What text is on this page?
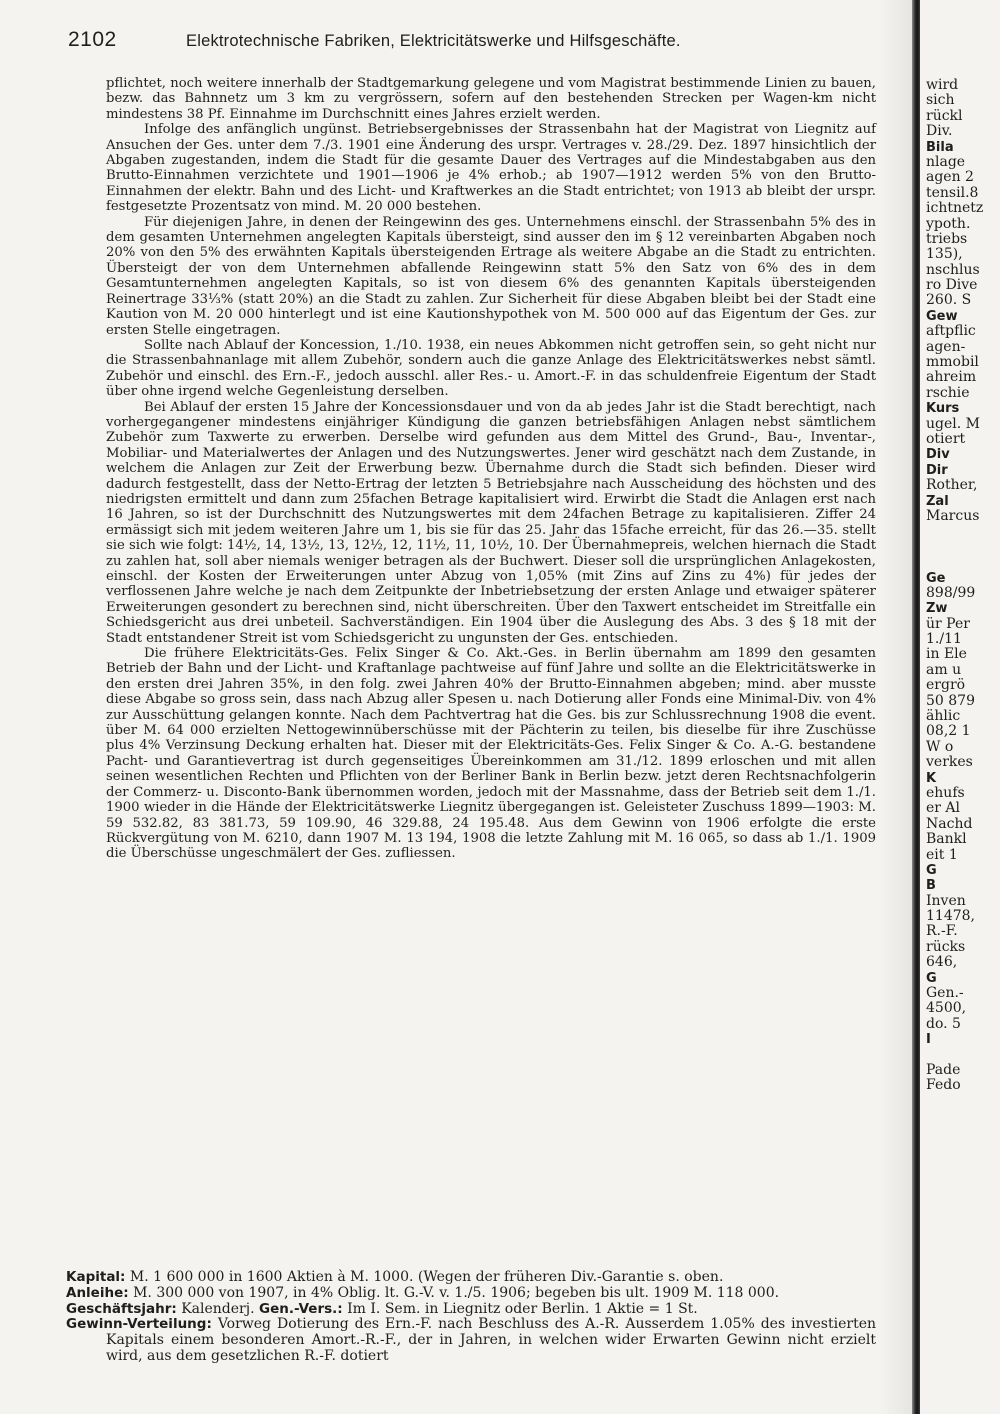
2102	Elektrotechnische Fabriken, Elektricitätswerke und Hilfsgeschäfte.

pflichtet, noch weitere innerhalb der Stadtgemarkung gelegene und vom Magistrat bestimmende Linien zu bauen, bezw. das Bahnnetz um 3 km zu vergrössern, sofern auf den bestehenden Strecken per Wagen-km nicht mindestens 38 Pf. Einnahme im Durchschnitt eines Jahres erzielt werden.

Infolge des anfänglich ungünst. Betriebsergebnisses der Strassenbahn hat der Magistrat von Liegnitz auf Ansuchen der Ges. unter dem 7./3. 1901 eine Änderung des urspr. Vertrages v. 28./29. Dez. 1897 hinsichtlich der Abgaben zugestanden, indem die Stadt für die gesamte Dauer des Vertrages auf die Mindestabgaben aus den Brutto-Einnahmen verzichtete und 1901—1906 je 4% erhob.; ab 1907—1912 werden 5% von den Brutto-Einnahmen der elektr. Bahn und des Licht- und Kraftwerkes an die Stadt entrichtet; von 1913 ab bleibt der urspr. festgesetzte Prozentsatz von mind. M. 20 000 bestehen.

Für diejenigen Jahre, in denen der Reingewinn des ges. Unternehmens einschl. der Strassenbahn 5% des in dem gesamten Unternehmen angelegten Kapitals übersteigt, sind ausser den im § 12 vereinbarten Abgaben noch 20% von den 5% des erwähnten Kapitals übersteigenden Ertrage als weitere Abgabe an die Stadt zu entrichten. Übersteigt der von dem Unternehmen abfallende Reingewinn statt 5% den Satz von 6% des in dem Gesamtunternehmen angelegten Kapitals, so ist von diesem 6% des genannten Kapitals übersteigenden Reinertrage 33⅓% (statt 20%) an die Stadt zu zahlen. Zur Sicherheit für diese Abgaben bleibt bei der Stadt eine Kaution von M. 20 000 hinterlegt und ist eine Kautionshypothek von M. 500 000 auf das Eigentum der Ges. zur ersten Stelle eingetragen.

Sollte nach Ablauf der Koncession, 1./10. 1938, ein neues Abkommen nicht getroffen sein, so geht nicht nur die Strassenbahnanlage mit allem Zubehör, sondern auch die ganze Anlage des Elektricitätswerkes nebst sämtl. Zubehör und einschl. des Ern.-F., jedoch ausschl. aller Res.- u. Amort.-F. in das schuldenfreie Eigentum der Stadt über ohne irgend welche Gegenleistung derselben.

Bei Ablauf der ersten 15 Jahre der Koncessionsdauer und von da ab jedes Jahr ist die Stadt berechtigt, nach vorhergegangener mindestens einjähriger Kündigung die ganzen betriebsfähigen Anlagen nebst sämtlichem Zubehör zum Taxwerte zu erwerben. Derselbe wird gefunden aus dem Mittel des Grund-, Bau-, Inventar-, Mobiliar- und Materialwertes der Anlagen und des Nutzungswertes. Jener wird geschätzt nach dem Zustande, in welchem die Anlagen zur Zeit der Erwerbung bezw. Übernahme durch die Stadt sich befinden. Dieser wird dadurch festgestellt, dass der Netto-Ertrag der letzten 5 Betriebsjahre nach Ausscheidung des höchsten und des niedrigsten ermittelt und dann zum 25fachen Betrage kapitalisiert wird. Erwirbt die Stadt die Anlagen erst nach 16 Jahren, so ist der Durchschnitt des Nutzungswertes mit dem 24fachen Betrage zu kapitalisieren. Ziffer 24 ermässigt sich mit jedem weiteren Jahre um 1, bis sie für das 25. Jahr das 15fache erreicht, für das 26.—35. stellt sie sich wie folgt: 14½, 14, 13½, 13, 12½, 12, 11½, 11, 10½, 10. Der Übernahmepreis, welchen hiernach die Stadt zu zahlen hat, soll aber niemals weniger betragen als der Buchwert. Dieser soll die ursprünglichen Anlagekosten, einschl. der Kosten der Erweiterungen unter Abzug von 1,05% (mit Zins auf Zins zu 4%) für jedes der verflossenen Jahre welche je nach dem Zeitpunkte der Inbetriebsetzung der ersten Anlage und etwaiger späterer Erweiterungen gesondert zu berechnen sind, nicht überschreiten. Über den Taxwert entscheidet im Streitfalle ein Schiedsgericht aus drei unbeteil. Sachverständigen. Ein 1904 über die Auslegung des Abs. 3 des § 18 mit der Stadt entstandener Streit ist vom Schiedsgericht zu ungunsten der Ges. entschieden.

Die frühere Elektricitäts-Ges. Felix Singer & Co. Akt.-Ges. in Berlin übernahm am 1899 den gesamten Betrieb der Bahn und der Licht- und Kraftanlage pachtweise auf fünf Jahre und sollte an die Elektricitätswerke in den ersten drei Jahren 35%, in den folg. zwei Jahren 40% der Brutto-Einnahmen abgeben; mind. aber musste diese Abgabe so gross sein, dass nach Abzug aller Spesen u. nach Dotierung aller Fonds eine Minimal-Div. von 4% zur Ausschüttung gelangen konnte. Nach dem Pachtvertrag hat die Ges. bis zur Schlussrechnung 1908 die event. über M. 64 000 erzielten Nettogewinnüberschüsse mit der Pächterin zu teilen, bis dieselbe für ihre Zuschüsse plus 4% Verzinsung Deckung erhalten hat. Dieser mit der Elektricitäts-Ges. Felix Singer & Co. A.-G. bestandene Pacht- und Garantievertrag ist durch gegenseitiges Übereinkommen am 31./12. 1899 erloschen und mit allen seinen wesentlichen Rechten und Pflichten von der Berliner Bank in Berlin bezw. jetzt deren Rechtsnachfolgerin der Commerz- u. Disconto-Bank übernommen worden, jedoch mit der Massnahme, dass der Betrieb seit dem 1./1. 1900 wieder in die Hände der Elektricitätswerke Liegnitz übergegangen ist. Geleisteter Zuschuss 1899—1903: M. 59 532.82, 83 381.73, 59 109.90, 46 329.88, 24 195.48. Aus dem Gewinn von 1906 erfolgte die erste Rückvergütung von M. 6210, dann 1907 M. 13 194, 1908 die letzte Zahlung mit M. 16 065, so dass ab 1./1. 1909 die Überschüsse ungeschmälert der Ges. zufliessen.

Kapital: M. 1 600 000 in 1600 Aktien à M. 1000. (Wegen der früheren Div.-Garantie s. oben.

Anleihe: M. 300 000 von 1907, in 4% Oblig. lt. G.-V. v. 1./5. 1906; begeben bis ult. 1909 M. 118 000.

Geschäftsjahr: Kalenderj. Gen.-Vers.: Im I. Sem. in Liegnitz oder Berlin. 1 Aktie = 1 St.

Gewinn-Verteilung: Vorweg Dotierung des Ern.-F. nach Beschluss des A.-R. Ausserdem 1.05% des investierten Kapitals einem besonderen Amort.-R.-F., der in Jahren, in welchen wider Erwarten Gewinn nicht erzielt wird, aus dem gesetzlichen R.-F. dotiert

wird
sich
rückl
Div.
Bila
nlage
agen 2
tensil.8
ichtnetz
ypoth.
triebs
135),
nschlus
ro Dive
260. S
Gew
aftpflic
agen-
mmobil
ahreim
rschie
Kurs
ugel. M
otiert
Div
Dir
Rother,
Zal
Marcus
Ge
898/99
Zw
ür Per
1./11
in Ele
am u
ergrö
50 879
ählic
08,2 1
W o
verkes
K
ehufs
er Al
Nachd
Bankl
eit 1
G
B
Inven
11478,
R.-F.
rücks
646,
G
Gen.-
4500,
do. 5
I
Pade
Fedo
